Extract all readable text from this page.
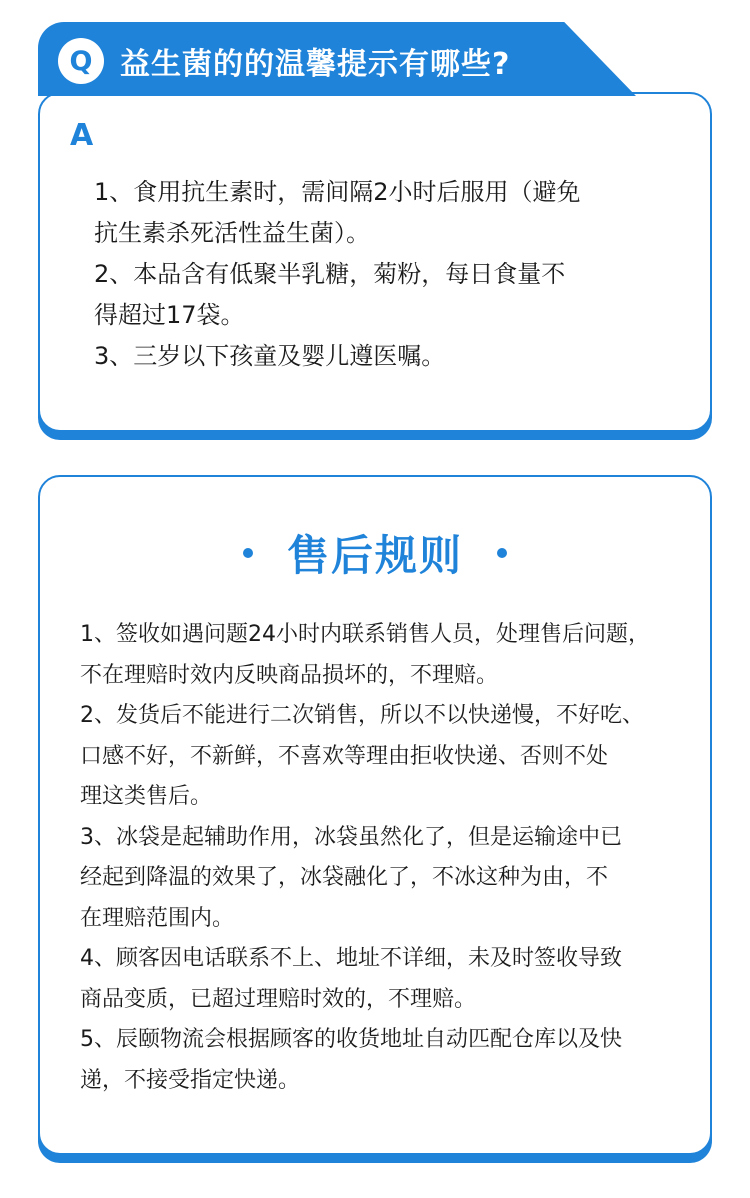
A
1、食用抗生素时，需间隔2小时后服用（避免
抗生素杀死活性益生菌）。
2、本品含有低聚半乳糖，菊粉，每日食量不
得超过17袋。
3、三岁以下孩童及婴儿遵医嘱。
Q 益生菌的的温馨提示有哪些?
售后规则
1、签收如遇问题24小时内联系销售人员，处理售后问题，
不在理赔时效内反映商品损坏的，不理赔。
2、发货后不能进行二次销售，所以不以快递慢，不好吃、
口感不好，不新鲜，不喜欢等理由拒收快递、否则不处
理这类售后。
3、冰袋是起辅助作用，冰袋虽然化了，但是运输途中已
经起到降温的效果了，冰袋融化了，不冰这种为由，不
在理赔范围内。
4、顾客因电话联系不上、地址不详细，未及时签收导致
商品变质，已超过理赔时效的，不理赔。
5、辰颐物流会根据顾客的收货地址自动匹配仓库以及快
递，不接受指定快递。
